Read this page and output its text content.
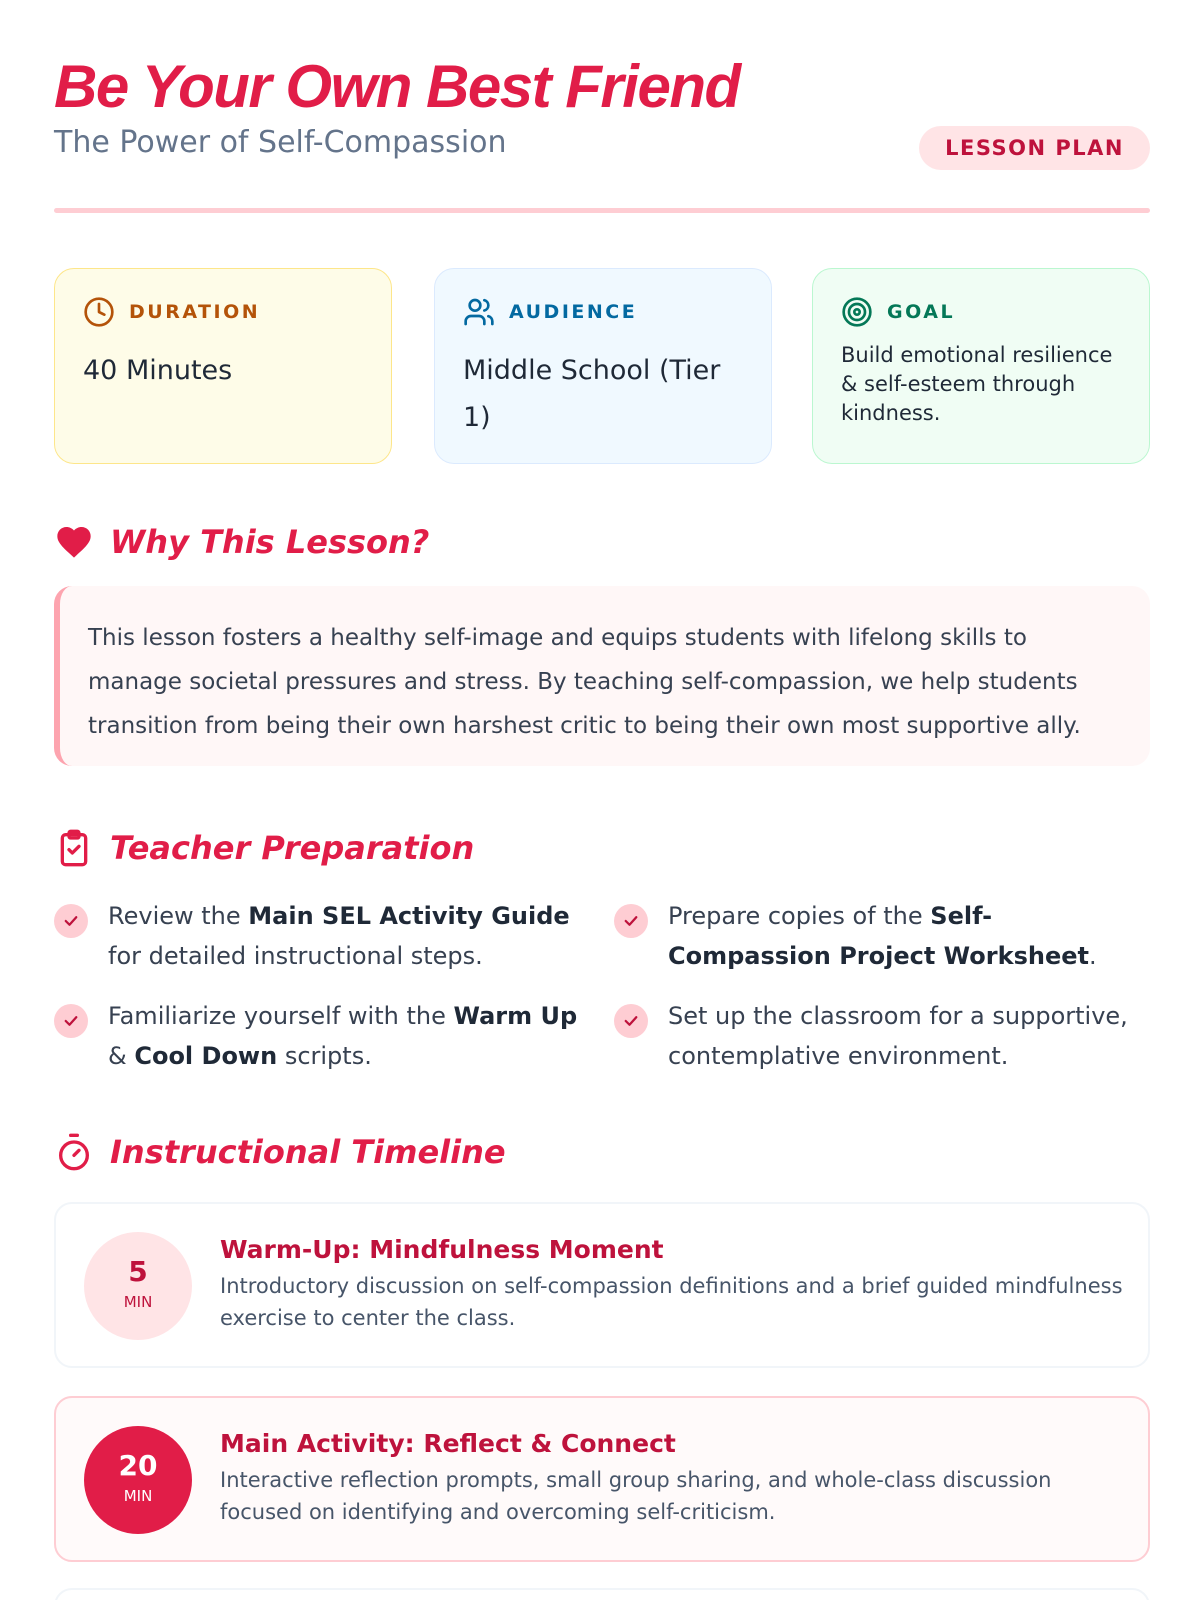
Be Your Own Best Friend
The Power of Self-Compassion	LESSON PLAN
DURATION
40 Minutes
AUDIENCE
Middle School (Tier 1)
GOAL
Build emotional resilience & self-esteem through kindness.
Why This Lesson?

This lesson fosters a healthy self-image and equips students with lifelong skills to manage societal pressures and stress. By teaching self-compassion, we help students transition from being their own harshest critic to being their own most supportive ally.

Teacher Preparation

Review the Main SEL Activity Guide for detailed instructional steps.

Prepare copies of the Self-Compassion Project Worksheet.

Familiarize yourself with the Warm Up & Cool Down scripts.

Set up the classroom for a supportive, contemplative environment.

Instructional Timeline
5
MIN
Warm-Up: Mindfulness Moment

Introductory discussion on self-compassion definitions and a brief guided mindfulness exercise to center the class.

20
MIN
Main Activity: Reflect & Connect

Interactive reflection prompts, small group sharing, and whole-class discussion focused on identifying and overcoming self-criticism.
